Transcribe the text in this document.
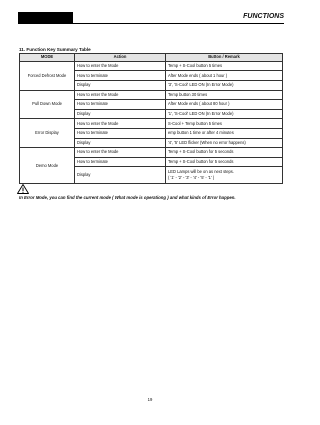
FUNCTIONS
11. Function Key Summary Table
MODE	Action	Button / Remark
Forced Defrost Mode	How to enter the Mode	Temp + S-Cool button 5 times
	How to terminate	After Mode ends ( about 1 hour )
	Display	'3', 'S-Cool' LED ON (In Error Mode)
Pull Down Mode	How to enter the Mode	Temp button 30 times
	How to terminate	After Mode ends ( about 80 hour )
	Display	'1', 'S-Cool' LED ON (In Error Mode)
Error Display	How to enter the Mode	S-Cool + Temp button 5 times
	How to terminate	emp button 1 time or after 4 minutes
	Display	'4', '5' LED flicker (When no error happens)
Demo Mode	How to enter the Mode	Temp + S-Cool button for 5 seconds
	How to terminate	Temp + S-Cool button for 5 seconds
	Display	LED Lamps will be on as next steps.
( '1' - '2' - '3' - '4' - '5' - '1' )
In Error Mode, you can find the current mode ( What mode is operationg ) and what kinds of Error happen.
19
